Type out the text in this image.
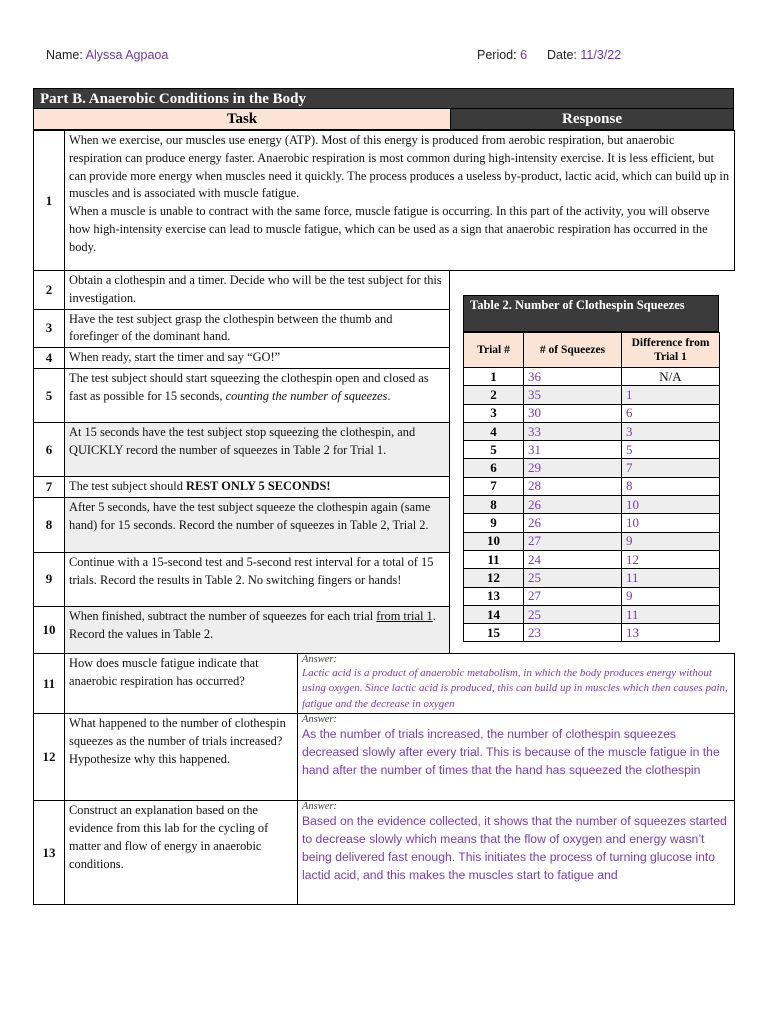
Name: Alyssa Agpaoa	Period: 6 Date: 11/3/22
Part B. Anaerobic Conditions in the Body
Task	Response
1	When we exercise, our muscles use energy (ATP). Most of this energy is produced from aerobic respiration, but anaerobic respiration can produce energy faster. Anaerobic respiration is most common during high-intensity exercise. It is less efficient, but can provide more energy when muscles need it quickly. The process produces a useless by-product, lactic acid, which can build up in muscles and is associated with muscle fatigue.
When a muscle is unable to contract with the same force, muscle fatigue is occurring. In this part of the activity, you will observe how high-intensity exercise can lead to muscle fatigue, which can be used as a sign that anaerobic respiration has occurred in the body.		

2	Obtain a clothespin and a timer. Decide who will be the test subject for this investigation.		
3	Have the test subject grasp the clothespin between the thumb and forefinger of the dominant hand.		
4	When ready, start the timer and say “GO!”		
5	The test subject should start squeezing the clothespin open and closed as fast as possible for 15 seconds, counting the number of squeezes.		
6	At 15 seconds have the test subject stop squeezing the clothespin, and QUICKLY record the number of squeezes in Table 2 for Trial 1.		
7	The test subject should REST ONLY 5 SECONDS!		
8	After 5 seconds, have the test subject squeeze the clothespin again (same hand) for 15 seconds. Record the number of squeezes in Table 2, Trial 2.		
9	Continue with a 15-second test and 5-second rest interval for a total of 15 trials. Record the results in Table 2. No switching fingers or hands!		
10	When finished, subtract the number of squeezes for each trial from trial 1. Record the values in Table 2.		
11	How does muscle fatigue indicate that anaerobic respiration has occurred?	Answer:
Lactic acid is a product of anaerobic metabolism, in which the body produces energy without using oxygen. Since lactic acid is produced, this can build up in muscles which then causes pain, fatigue and the decrease in oxygen	

12	What happened to the number of clothespin squeezes as the number of trials increased? Hypothesize why this happened.	Answer:
As the number of trials increased, the number of clothespin squeezes decreased slowly after every trial. This is because of the muscle fatigue in the hand after the number of times that the hand has squeezed the clothespin	

13	Construct an explanation based on the evidence from this lab for the cycling of matter and flow of energy in anaerobic conditions.	Answer:
Based on the evidence collected, it shows that the number of squeezes started to decrease slowly which means that the flow of oxygen and energy wasn’t being delivered fast enough. This initiates the process of turning glucose into lactid acid, and this makes the muscles start to fatigue and	
Table 2. Number of Clothespin Squeezes
Trial #	# of Squeezes	Difference from Trial 1
1	36	N/A
2	35	1
3	30	6
4	33	3
5	31	5
6	29	7
7	28	8
8	26	10
9	26	10
10	27	9
11	24	12
12	25	11
13	27	9
14	25	11
15	23	13
